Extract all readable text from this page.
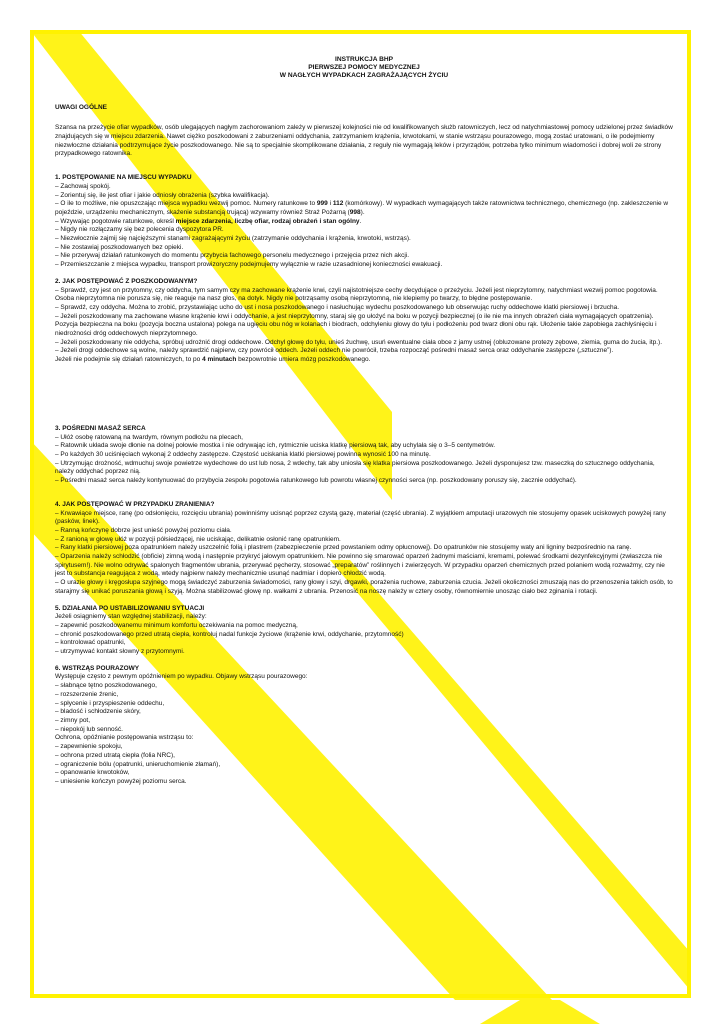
INSTRUKCJA BHP
PIERWSZEJ POMOCY MEDYCZNEJ
W NAGŁYCH WYPADKACH ZAGRAŻAJĄCYCH ŻYCIU
UWAGI OGÓLNE

Szansa na przeżycie ofiar wypadków, osób ulegających nagłym zachorowaniom zależy w pierwszej kolejności nie od kwalifikowanych służb ratowniczych, lecz od natychmiastowej pomocy udzielonej przez świadków znajdujących się w miejscu zdarzenia. Nawet ciężko poszkodowani z zaburzeniami oddychania, zatrzymaniem krążenia, krwotokami, w stanie wstrząsu pourazowego, mogą zostać uratowani, o ile podejmiemy niezwłoczne działania podtrzymujące życie poszkodowanego. Nie są to specjalnie skomplikowane działania, z reguły nie wymagają leków i przyrządów, potrzeba tylko minimum wiadomości i dobrej woli ze strony przypadkowego ratownika.

1. POSTĘPOWANIE NA MIEJSCU WYPADKU

– Zachowaj spokój.

– Zorientuj się, ile jest ofiar i jakie odniosły obrażenia (szybka kwalifikacja).

– O ile to możliwe, nie opuszczając miejsca wypadku wezwij pomoc. Numery ratunkowe to 999 i 112 (komórkowy). W wypadkach wymagających także ratownictwa technicznego, chemicznego (np. zakleszczenie w pojeździe, urządzeniu mechanicznym, skażenie substancją trującą) wzywamy również Straż Pożarną (998).

– Wzywając pogotowie ratunkowe, określ miejsce zdarzenia, liczbę ofiar, rodzaj obrażeń i stan ogólny.

– Nigdy nie rozłączamy się bez polecenia dyspozytora PR.

– Niezwłocznie zajmij się najcięższymi stanami zagrażającymi życiu (zatrzymanie oddychania i krążenia, krwotoki, wstrząs).

– Nie zostawiaj poszkodowanych bez opieki.

– Nie przerywaj działań ratunkowych do momentu przybycia fachowego personelu medycznego i przejęcia przez nich akcji.

– Przemieszczanie z miejsca wypadku, transport prowizoryczny podejmujemy wyłącznie w razie uzasadnionej konieczności ewakuacji.

2. JAK POSTĘPOWAĆ Z POSZKODOWANYM?

– Sprawdź, czy jest on przytomny, czy oddycha, tym samym czy ma zachowane krążenie krwi, czyli najistotniejsze cechy decydujące o przeżyciu. Jeżeli jest nieprzytomny, natychmiast wezwij pomoc pogotowia. Osoba nieprzytomna nie porusza się, nie reaguje na nasz głos, na dotyk. Nigdy nie potrząsamy osobą nieprzytomną, nie klepiemy po twarzy, to błędne postępowanie.

– Sprawdź, czy oddycha. Można to zrobić, przystawiając ucho do ust i nosa poszkodowanego i nasłuchując wydechu poszkodowanego lub obserwując ruchy oddechowe klatki piersiowej i brzucha.

– Jeżeli poszkodowany ma zachowane własne krążenie krwi i oddychanie, a jest nieprzytomny, staraj się go ułożyć na boku w pozycji bezpiecznej (o ile nie ma innych obrażeń ciała wymagających opatrzenia).

Pozycja bezpieczna na boku (pozycja boczna ustalona) polega na ugięciu obu nóg w kolanach i biodrach, odchyleniu głowy do tyłu i podłożeniu pod twarz dłoni obu rąk. Ułożenie takie zapobiega zachłyśnięciu i niedrożności dróg oddechowych nieprzytomnego.

– Jeżeli poszkodowany nie oddycha, spróbuj udrożnić drogi oddechowe. Odchyl głowę do tyłu, unieś żuchwę, usuń ewentualne ciała obce z jamy ustnej (obluzowane protezy zębowe, ziemia, guma do żucia, itp.).

– Jeżeli drogi oddechowe są wolne, należy sprawdzić najpierw, czy powrócił oddech. Jeżeli oddech nie powrócił, trzeba rozpocząć pośredni masaż serca oraz oddychanie zastępcze („sztuczne”).

Jeżeli nie podejmie się działań ratowniczych, to po 4 minutach bezpowrotnie umiera mózg poszkodowanego.

3. POŚREDNI MASAŻ SERCA

– Ułóż osobę ratowaną na twardym, równym podłożu na plecach,

– Ratownik układa swoje dłonie na dolnej połowie mostka i nie odrywając ich, rytmicznie uciska klatkę piersiową tak, aby uchylała się o 3–5 centymetrów.

– Po każdych 30 uciśnięciach wykonaj 2 oddechy zastępcze. Częstość uciskania klatki piersiowej powinna wynosić 100 na minutę.

– Utrzymując drożność, wdmuchuj swoje powietrze wydechowe do ust lub nosa, 2 wdechy, tak aby uniosła się klatka piersiowa poszkodowanego. Jeżeli dysponujesz tzw. maseczką do sztucznego oddychania, należy oddychać poprzez nią.

– Pośredni masaż serca należy kontynuować do przybycia zespołu pogotowia ratunkowego lub powrotu własnej czynności serca (np. poszkodowany poruszy się, zacznie oddychać).

4. JAK POSTĘPOWAĆ W PRZYPADKU ZRANIENIA?

– Krwawiące miejsce, ranę (po odsłonięciu, rozcięciu ubrania) powinniśmy ucisnąć poprzez czystą gazę, materiał (część ubrania). Z wyjątkiem amputacji urazowych nie stosujemy opasek uciskowych powyżej rany (pasków, linek).

– Ranną kończynę dobrze jest unieść powyżej poziomu ciała.

– Z ranioną w głowę ułóż w pozycji półsiedzącej, nie uciskając, delikatnie osłonić ranę opatrunkiem.

– Rany klatki piersiowej poza opatrunkiem należy uszczelnić folią i plastrem (zabezpieczenie przed powstaniem odmy opłucnowej). Do opatrunków nie stosujemy waty ani ligniny bezpośrednio na ranę.

– Oparzenia należy schłodzić (obficie) zimną wodą i następnie przykryć jałowym opatrunkiem. Nie powinno się smarować oparzeń żadnymi maściami, kremami, polewać środkami dezynfekcyjnymi (zwłaszcza nie spirytusem!). Nie wolno odrywać spalonych fragmentów ubrania, przerywać pęcherzy, stosować „preparatów” roślinnych i zwierzęcych. W przypadku oparzeń chemicznych przed polaniem wodą rozważmy, czy nie jest to substancja reagująca z wodą, wtedy najpierw należy mechanicznie usunąć nadmiar i dopiero chłodzić wodą.

– O urazie głowy i kręgosłupa szyjnego mogą świadczyć zaburzenia świadomości, rany głowy i szyi, drgawki, porażenia ruchowe, zaburzenia czucia. Jeżeli okoliczności zmuszają nas do przenoszenia takich osób, to starajmy się unikać poruszania głową i szyją. Można stabilizować głowę np. wałkami z ubrania. Przenosić na noszę należy w cztery osoby, równomiernie unosząc ciało bez zginania i rotacji.

5. DZIAŁANIA PO USTABILIZOWANIU SYTUACJI

Jeżeli osiągniemy stan względnej stabilizacji, należy:

– zapewnić poszkodowanemu minimum komfortu oczekiwania na pomoc medyczną,

– chronić poszkodowanego przed utratą ciepła, kontroluj nadal funkcje życiowe (krążenie krwi, oddychanie, przytomność)

– kontrolować opatrunki,

– utrzymywać kontakt słowny z przytomnymi.

6. WSTRZĄS POURAZOWY

Występuje często z pewnym opóźnieniem po wypadku. Objawy wstrząsu pourazowego:

– słabnące tętno poszkodowanego,

– rozszerzenie źrenic,

– spłycenie i przyspieszenie oddechu,

– bladość i schłodzenie skóry,

– zimny pot,

– niepokój lub senność.

Ochrona, opóźnianie postępowania wstrząsu to:

– zapewnienie spokoju,

– ochrona przed utratą ciepła (folia NRC),

– ograniczenie bólu (opatrunki, unieruchomienie złamań),

– opanowanie krwotoków,

– uniesienie kończyn powyżej poziomu serca.
